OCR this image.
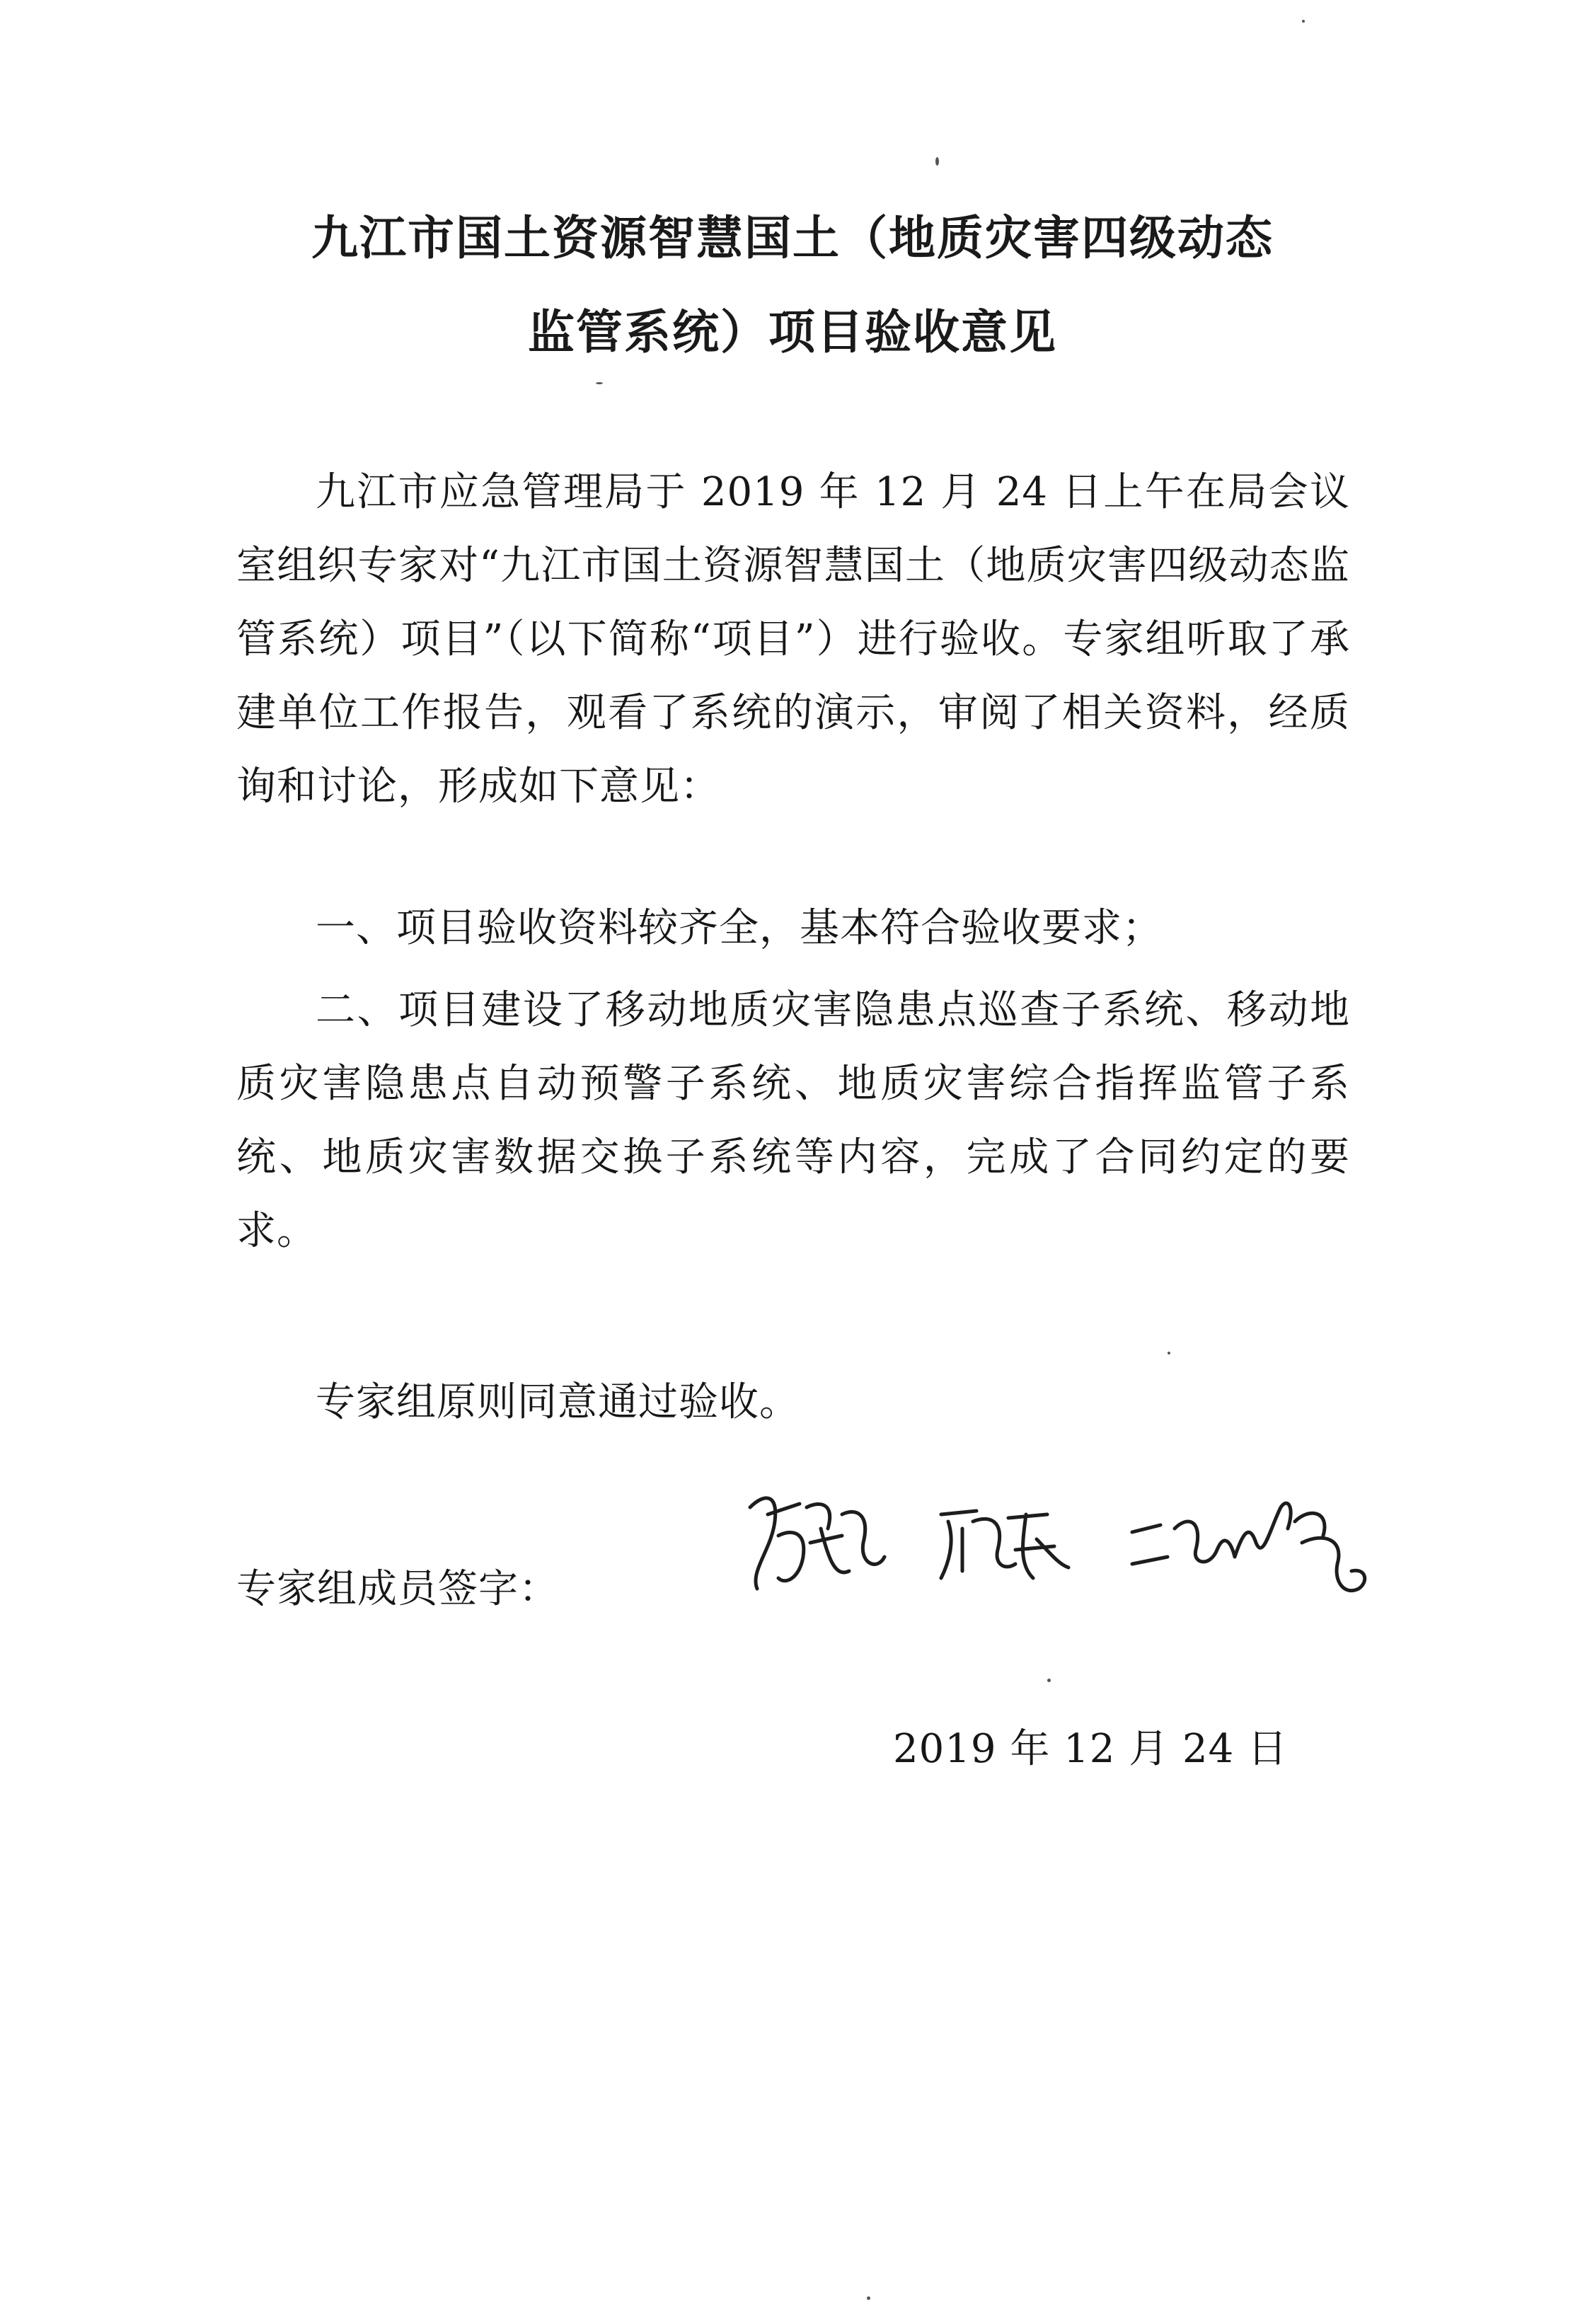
九江市国土资源智慧国土（地质灾害四级动态
监管系统）项目验收意见

九江市应急管理局于 2019 年 12 月 24 日上午在局会议室组织专家对“九江市国土资源智慧国土（地质灾害四级动态监管系统）项目”（以下简称“项目”）进行验收。专家组听取了承建单位工作报告，观看了系统的演示，审阅了相关资料，经质询和讨论，形成如下意见：

一、项目验收资料较齐全，基本符合验收要求；

二、项目建设了移动地质灾害隐患点巡查子系统、移动地质灾害隐患点自动预警子系统、地质灾害综合指挥监管子系统、地质灾害数据交换子系统等内容，完成了合同约定的要求。

专家组原则同意通过验收。

专家组成员签字：
2019 年 12 月 24 日
